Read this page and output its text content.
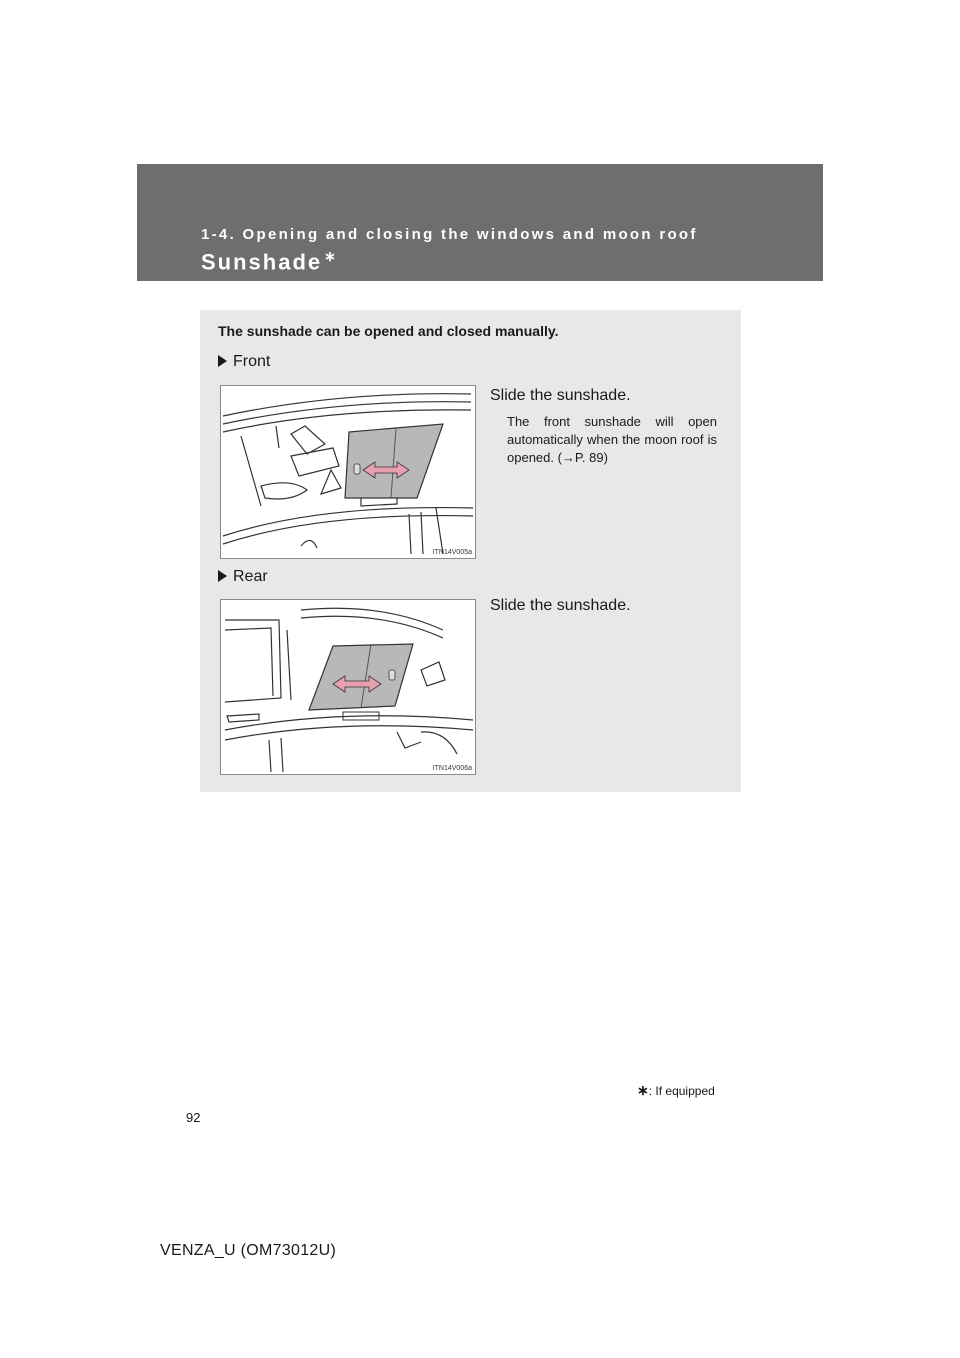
1-4. Opening and closing the windows and moon roof
Sunshade ∗
The sunshade can be opened and closed manually.
Front
ITN14V005a
Slide the sunshade.
The front sunshade will open automatically when the moon roof is opened. (→P. 89)
Rear
ITN14V006a
Slide the sunshade.
∗: If equipped
92
VENZA_U (OM73012U)
